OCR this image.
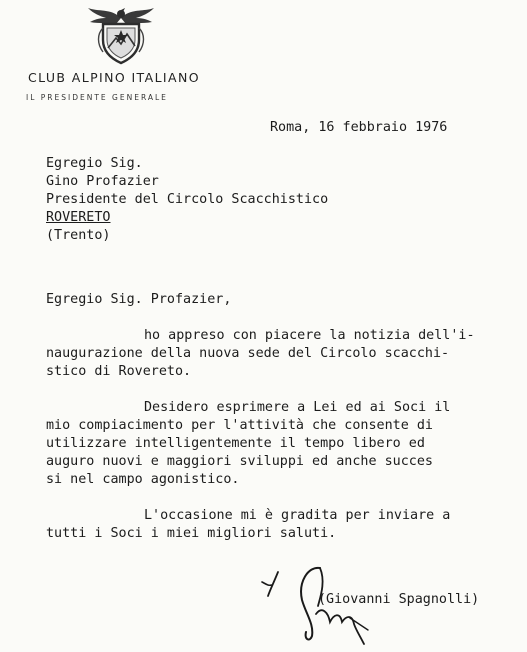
CLUB ALPINO ITALIANO
IL PRESIDENTE GENERALE
Roma, 16 febbraio 1976
Egregio Sig.
Gino Profazier
Presidente del Circolo Scacchistico
ROVERETO
(Trento)
Egregio Sig. Profazier,
ho appreso con piacere la notizia dell'i-
naugurazione della nuova sede del Circolo scacchi-
stico di Rovereto.
Desidero esprimere a Lei ed ai Soci il
mio compiacimento per l'attività che consente di
utilizzare intelligentemente il tempo libero ed
auguro nuovi e maggiori sviluppi ed anche succes
si nel campo agonistico.
L'occasione mi è gradita per inviare a
tutti i Soci i miei migliori saluti.
(Giovanni Spagnolli)
